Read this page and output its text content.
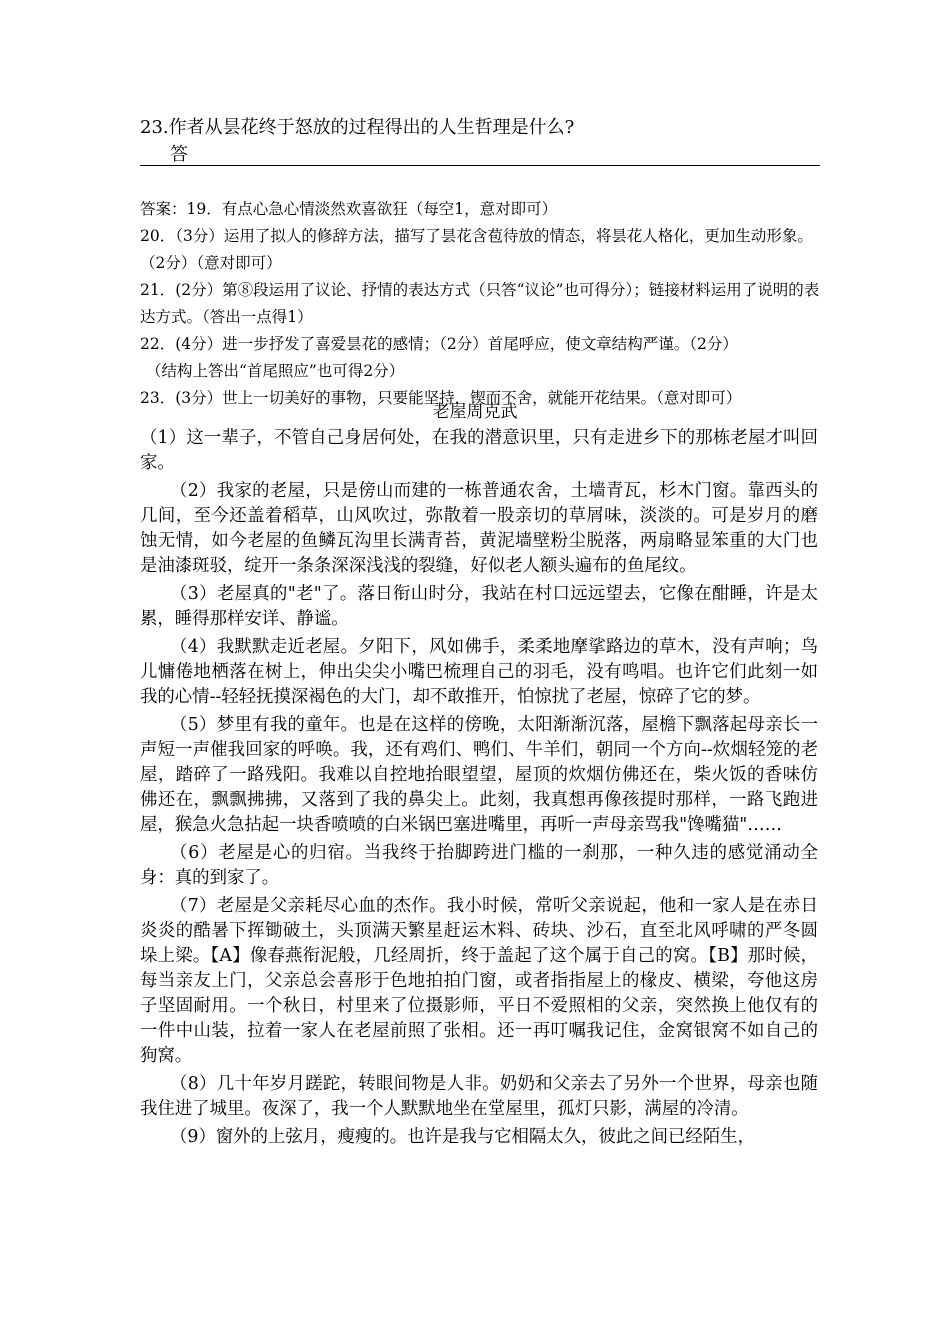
23.作者从昙花终于怒放的过程得出的人生哲理是什么?
答

答案：19．有点心急心情淡然欢喜欲狂（每空1，意对即可）

20．（3分）运用了拟人的修辞方法，描写了昙花含苞待放的情态，将昙花人格化，更加生动形象。（2分）（意对即可）

21．(2分）第⑧段运用了议论、抒情的表达方式（只答“议论”也可得分）；链接材料运用了说明的表达方式。（答出一点得1）

22．(4分）进一步抒发了喜爱昙花的感情；（2分）首尾呼应，使文章结构严谨。（2分）

（结构上答出“首尾照应”也可得2分）

23．(3分）世上一切美好的事物，只要能坚持，锲而不舍，就能开花结果。（意对即可）

老屋周克武

（1）这一辈子，不管自己身居何处，在我的潜意识里，只有走进乡下的那栋老屋才叫回家。

（2）我家的老屋，只是傍山而建的一栋普通农舍，土墙青瓦，杉木门窗。靠西头的几间，至今还盖着稻草，山风吹过，弥散着一股亲切的草屑味，淡淡的。可是岁月的磨蚀无情，如今老屋的鱼鳞瓦沟里长满青苔，黄泥墙壁粉尘脱落，两扇略显笨重的大门也是油漆斑驳，绽开一条条深深浅浅的裂缝，好似老人额头遍布的鱼尾纹。

（3）老屋真的"老"了。落日衔山时分，我站在村口远远望去，它像在酣睡，许是太累，睡得那样安详、静谧。

（4）我默默走近老屋。夕阳下，风如佛手，柔柔地摩挲路边的草木，没有声响；鸟儿慵倦地栖落在树上，伸出尖尖小嘴巴梳理自己的羽毛，没有鸣唱。也许它们此刻一如我的心情--轻轻抚摸深褐色的大门，却不敢推开，怕惊扰了老屋，惊碎了它的梦。

（5）梦里有我的童年。也是在这样的傍晚，太阳渐渐沉落，屋檐下飘落起母亲长一声短一声催我回家的呼唤。我，还有鸡们、鸭们、牛羊们，朝同一个方向--炊烟轻笼的老屋，踏碎了一路残阳。我难以自控地抬眼望望，屋顶的炊烟仿佛还在，柴火饭的香味仿佛还在，飘飘拂拂，又落到了我的鼻尖上。此刻，我真想再像孩提时那样，一路飞跑进屋，猴急火急拈起一块香喷喷的白米锅巴塞进嘴里，再听一声母亲骂我"馋嘴猫"……

（6）老屋是心的归宿。当我终于抬脚跨进门槛的一刹那，一种久违的感觉涌动全身：真的到家了。

（7）老屋是父亲耗尽心血的杰作。我小时候，常听父亲说起，他和一家人是在赤日炎炎的酷暑下挥锄破土，头顶满天繁星赶运木料、砖块、沙石，直至北风呼啸的严冬圆垛上梁。【A】像春燕衔泥般，几经周折，终于盖起了这个属于自己的窝。【B】那时候，每当亲友上门，父亲总会喜形于色地拍拍门窗，或者指指屋上的椽皮、横梁，夸他这房子坚固耐用。一个秋日，村里来了位摄影师，平日不爱照相的父亲，突然换上他仅有的一件中山装，拉着一家人在老屋前照了张相。还一再叮嘱我记住，金窝银窝不如自己的狗窝。

（8）几十年岁月蹉跎，转眼间物是人非。奶奶和父亲去了另外一个世界，母亲也随我住进了城里。夜深了，我一个人默默地坐在堂屋里，孤灯只影，满屋的冷清。

（9）窗外的上弦月，瘦瘦的。也许是我与它相隔太久，彼此之间已经陌生，
